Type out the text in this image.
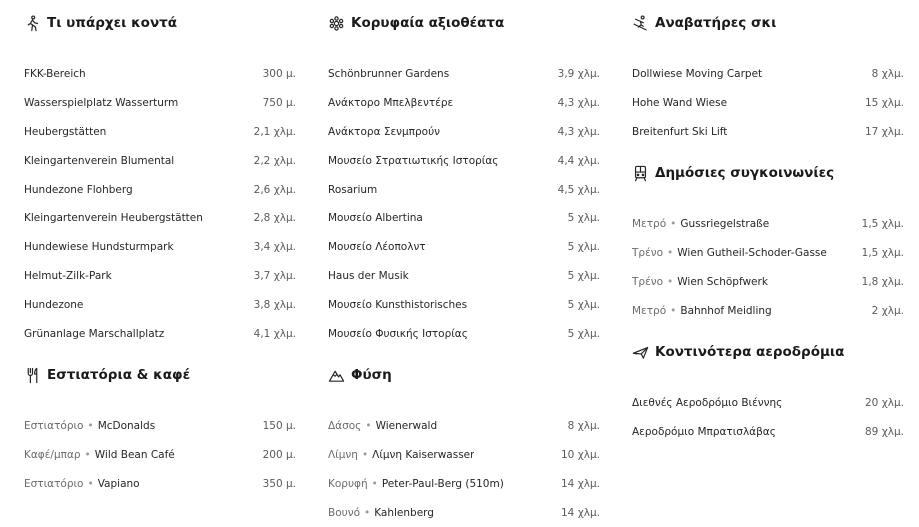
Τι υπάρχει κοντά
FKK-Bereich	300 μ.
Wasserspielplatz Wasserturm	750 μ.
Heubergstätten	2,1 χλμ.
Kleingartenverein Blumental	2,2 χλμ.
Hundezone Flohberg	2,6 χλμ.
Kleingartenverein Heubergstätten	2,8 χλμ.
Hundewiese Hundsturmpark	3,4 χλμ.
Helmut-Zilk-Park	3,7 χλμ.
Hundezone	3,8 χλμ.
Grünanlage Marschallplatz	4,1 χλμ.
Εστιατόρια & καφέ
Εστιατόριο • McDonalds	150 μ.
Καφέ/μπαρ • Wild Bean Café	200 μ.
Εστιατόριο • Vapiano	350 μ.
Κορυφαία αξιοθέατα
Schönbrunner Gardens	3,9 χλμ.
Ανάκτορο Μπελβεντέρε	4,3 χλμ.
Ανάκτορα Σενμπρούν	4,3 χλμ.
Μουσείο Στρατιωτικής Ιστορίας	4,4 χλμ.
Rosarium	4,5 χλμ.
Μουσείο Albertina	5 χλμ.
Μουσείο Λέοπολντ	5 χλμ.
Haus der Musik	5 χλμ.
Μουσείο Kunsthistorisches	5 χλμ.
Μουσείο Φυσικής Ιστορίας	5 χλμ.
Φύση
Δάσος • Wienerwald	8 χλμ.
Λίμνη • Λίμνη Kaiserwasser	10 χλμ.
Κορυφή • Peter-Paul-Berg (510m)	14 χλμ.
Βουνό • Kahlenberg	14 χλμ.
Αναβατήρες σκι
Dollwiese Moving Carpet	8 χλμ.
Hohe Wand Wiese	15 χλμ.
Breitenfurt Ski Lift	17 χλμ.
Δημόσιες συγκοινωνίες
Μετρό • Gussriegelstraße	1,5 χλμ.
Τρένο • Wien Gutheil-Schoder-Gasse	1,5 χλμ.
Τρένο • Wien Schöpfwerk	1,8 χλμ.
Μετρό • Bahnhof Meidling	2 χλμ.
Κοντινότερα αεροδρόμια
Διεθνές Αεροδρόμιο Βιέννης	20 χλμ.
Αεροδρόμιο Μπρατισλάβας	89 χλμ.
